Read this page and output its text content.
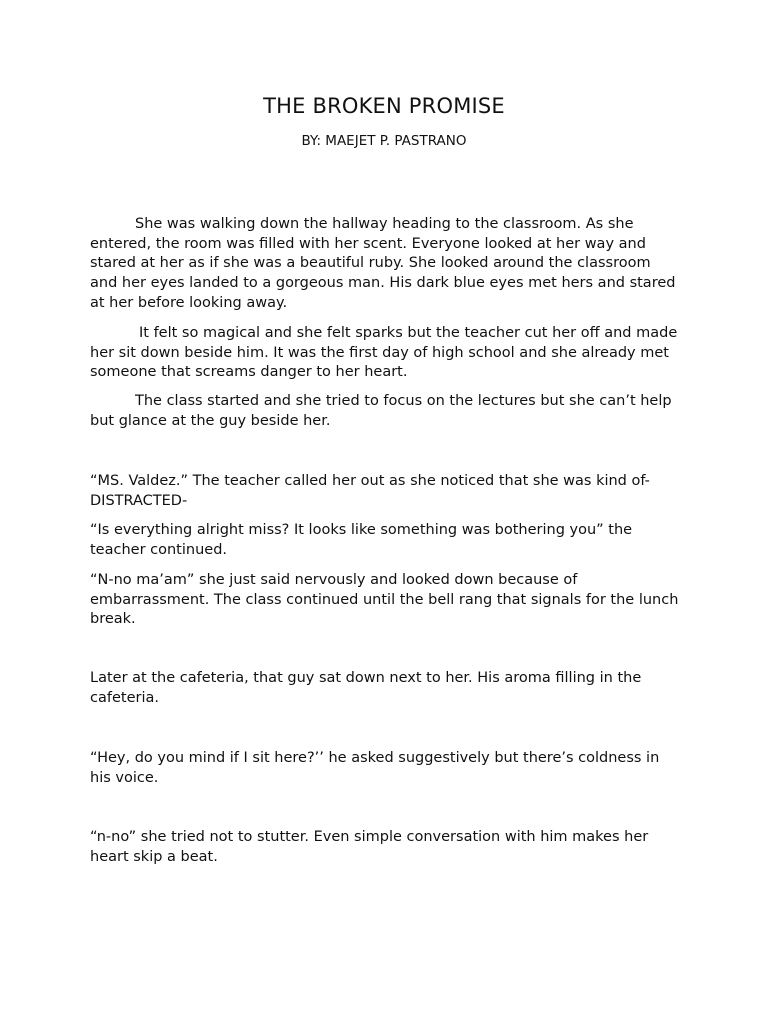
THE BROKEN PROMISE
BY: MAEJET P. PASTRANO

She was walking down the hallway heading to the classroom. As she entered, the room was filled with her scent. Everyone looked at her way and stared at her as if she was a beautiful ruby. She looked around the classroom and her eyes landed to a gorgeous man. His dark blue eyes met hers and stared at her before looking away.

It felt so magical and she felt sparks but the teacher cut her off and made her sit down beside him. It was the first day of high school and she already met someone that screams danger to her heart.

The class started and she tried to focus on the lectures but she can’t help but glance at the guy beside her.

“MS. Valdez.” The teacher called her out as she noticed that she was kind of-DISTRACTED-

“Is everything alright miss? It looks like something was bothering you” the teacher continued.

“N-no ma’am” she just said nervously and looked down because of embarrassment. The class continued until the bell rang that signals for the lunch break.

Later at the cafeteria, that guy sat down next to her. His aroma filling in the cafeteria.

“Hey, do you mind if I sit here?’’ he asked suggestively but there’s coldness in his voice.

“n-no” she tried not to stutter. Even simple conversation with him makes her heart skip a beat.
